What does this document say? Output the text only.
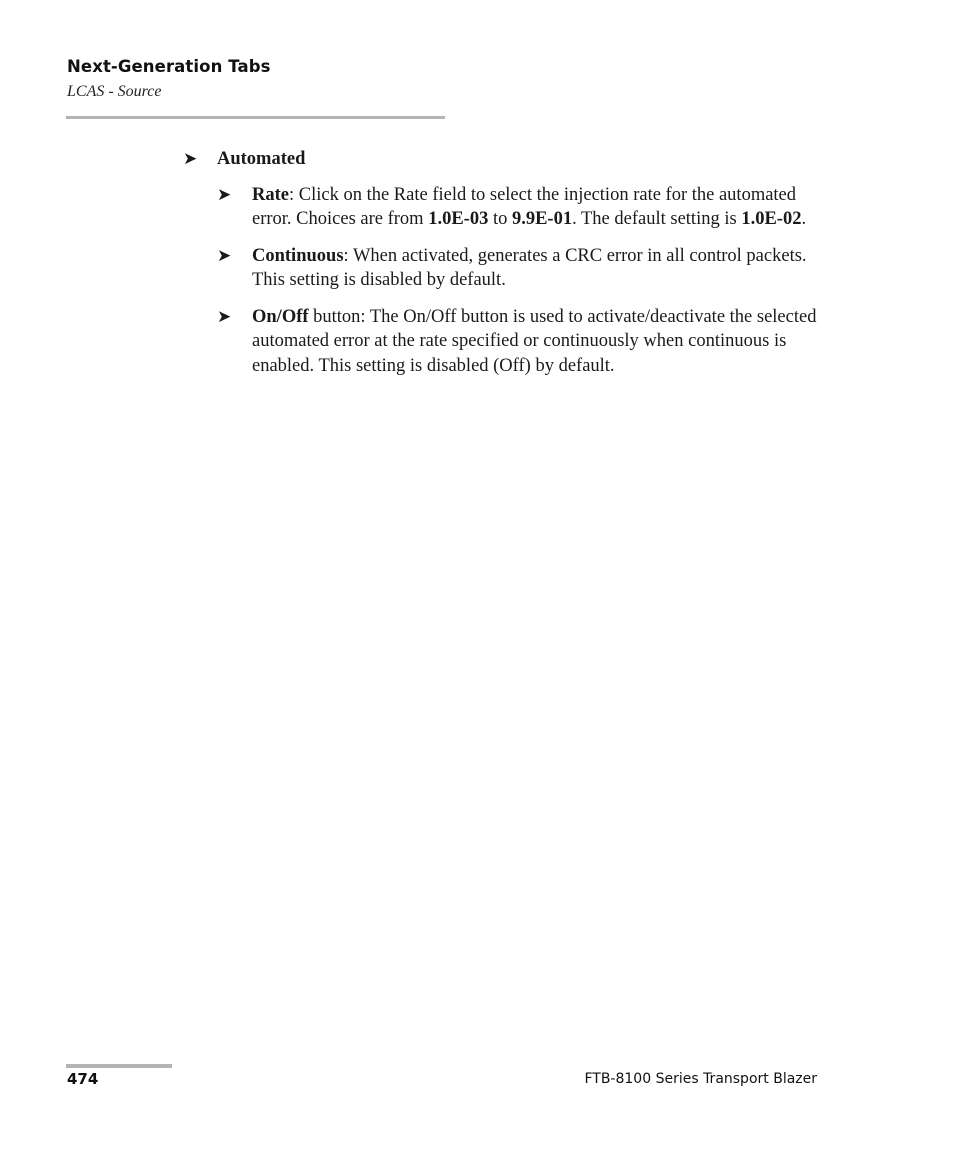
Next-Generation Tabs
LCAS - Source
➤ Automated
➤ Rate: Click on the Rate field to select the injection rate for the automated error. Choices are from 1.0E-03 to 9.9E-01. The default setting is 1.0E-02.
➤ Continuous: When activated, generates a CRC error in all control packets. This setting is disabled by default.
➤ On/Off button: The On/Off button is used to activate/deactivate the selected automated error at the rate specified or continuously when continuous is enabled. This setting is disabled (Off) by default.
474	FTB-8100 Series Transport Blazer
